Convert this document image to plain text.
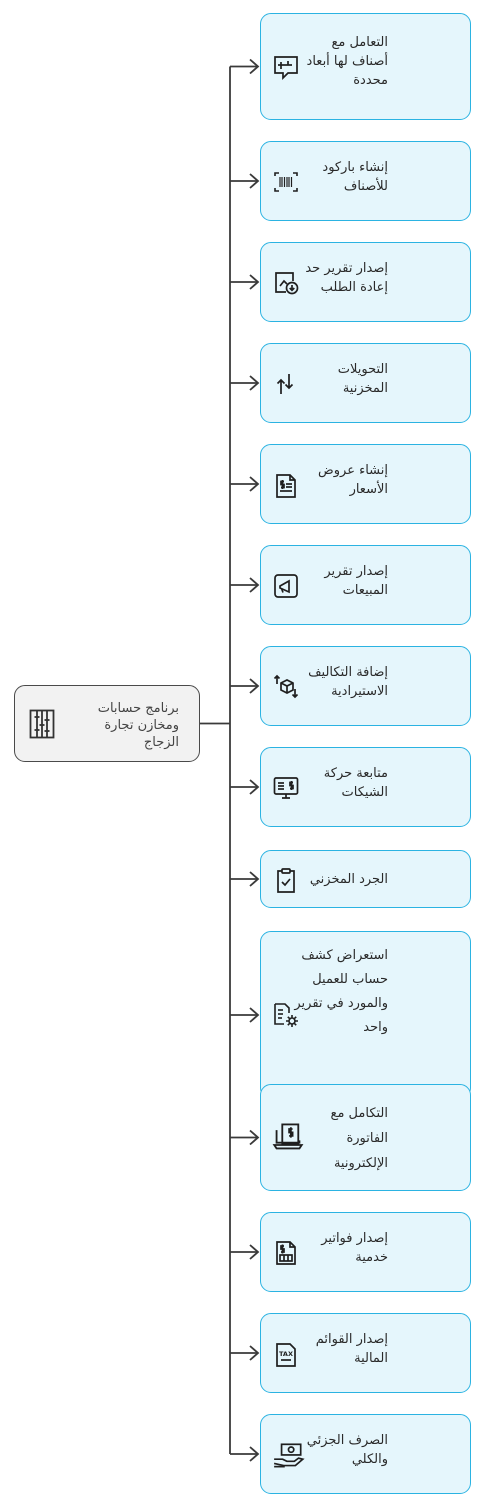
برنامج حسابات
ومخازن تجارة
الزجاج
التعامل مع
أصناف لها أبعاد
محددة
إنشاء باركود
للأصناف
إصدار تقرير حد
إعادة الطلب
التحويلات
المخزنية
إنشاء عروض
الأسعار
إصدار تقرير
المبيعات
إضافة التكاليف
الاستيرادية
متابعة حركة
الشيكات
الجرد المخزني
استعراض كشف
حساب للعميل
والمورد في تقرير
واحد
التكامل مع
الفاتورة
الإلكترونية
إصدار فواتير
خدمية
TAX
إصدار القوائم
المالية
الصرف الجزئي
والكلي
